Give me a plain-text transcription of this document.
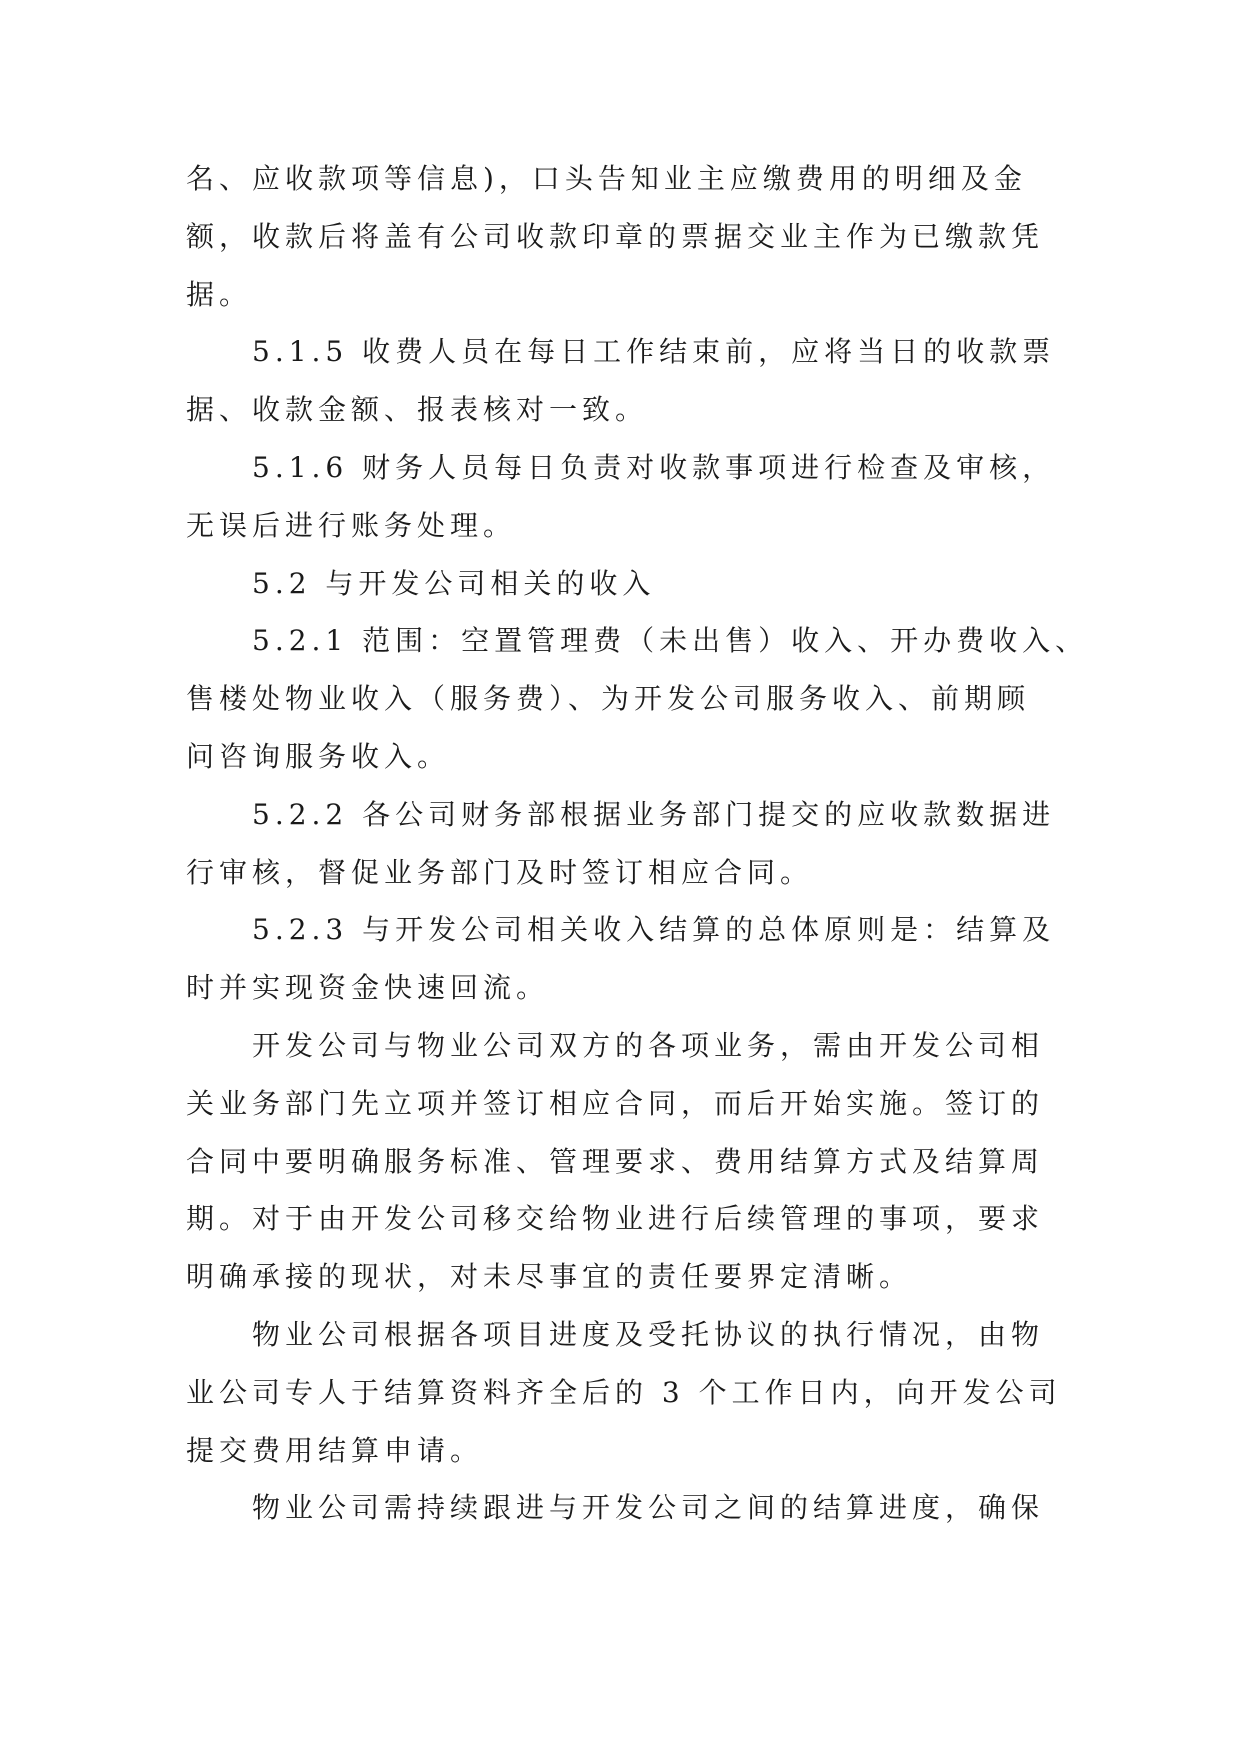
名、应收款项等信息)，口头告知业主应缴费用的明细及金
额，收款后将盖有公司收款印章的票据交业主作为已缴款凭
据。

　　5.1.5 收费人员在每日工作结束前，应将当日的收款票
据、收款金额、报表核对一致。

　　5.1.6 财务人员每日负责对收款事项进行检查及审核，
无误后进行账务处理。

　　5.2 与开发公司相关的收入

　　5.2.1 范围：空置管理费（未出售）收入、开办费收入、
售楼处物业收入（服务费）、为开发公司服务收入、前期顾
问咨询服务收入。

　　5.2.2 各公司财务部根据业务部门提交的应收款数据进
行审核，督促业务部门及时签订相应合同。

　　5.2.3 与开发公司相关收入结算的总体原则是：结算及
时并实现资金快速回流。

　　开发公司与物业公司双方的各项业务，需由开发公司相
关业务部门先立项并签订相应合同，而后开始实施。签订的
合同中要明确服务标准、管理要求、费用结算方式及结算周
期。对于由开发公司移交给物业进行后续管理的事项，要求
明确承接的现状，对未尽事宜的责任要界定清晰。

　　物业公司根据各项目进度及受托协议的执行情况，由物
业公司专人于结算资料齐全后的 3 个工作日内，向开发公司
提交费用结算申请。

　　物业公司需持续跟进与开发公司之间的结算进度，确保
